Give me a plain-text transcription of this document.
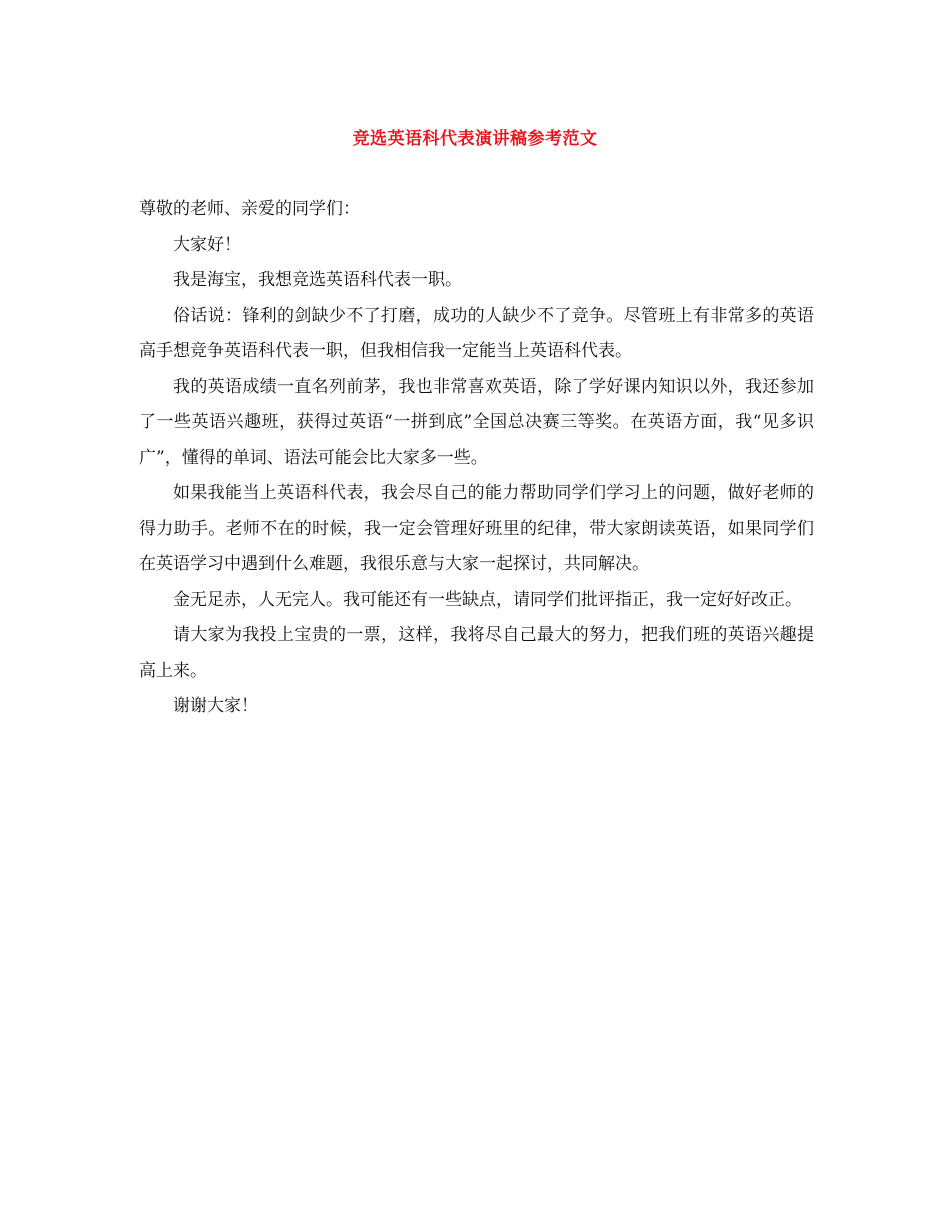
竞选英语科代表演讲稿参考范文

尊敬的老师、亲爱的同学们：

大家好！

我是海宝，我想竞选英语科代表一职。

俗话说：锋利的剑缺少不了打磨，成功的人缺少不了竞争。尽管班上有非常多的英语高手想竞争英语科代表一职，但我相信我一定能当上英语科代表。

我的英语成绩一直名列前茅，我也非常喜欢英语，除了学好课内知识以外，我还参加了一些英语兴趣班，获得过英语“一拼到底”全国总决赛三等奖。在英语方面，我“见多识广”，懂得的单词、语法可能会比大家多一些。

如果我能当上英语科代表，我会尽自己的能力帮助同学们学习上的问题，做好老师的得力助手。老师不在的时候，我一定会管理好班里的纪律，带大家朗读英语，如果同学们在英语学习中遇到什么难题，我很乐意与大家一起探讨，共同解决。

金无足赤，人无完人。我可能还有一些缺点，请同学们批评指正，我一定好好改正。

请大家为我投上宝贵的一票，这样，我将尽自己最大的努力，把我们班的英语兴趣提高上来。

谢谢大家！
